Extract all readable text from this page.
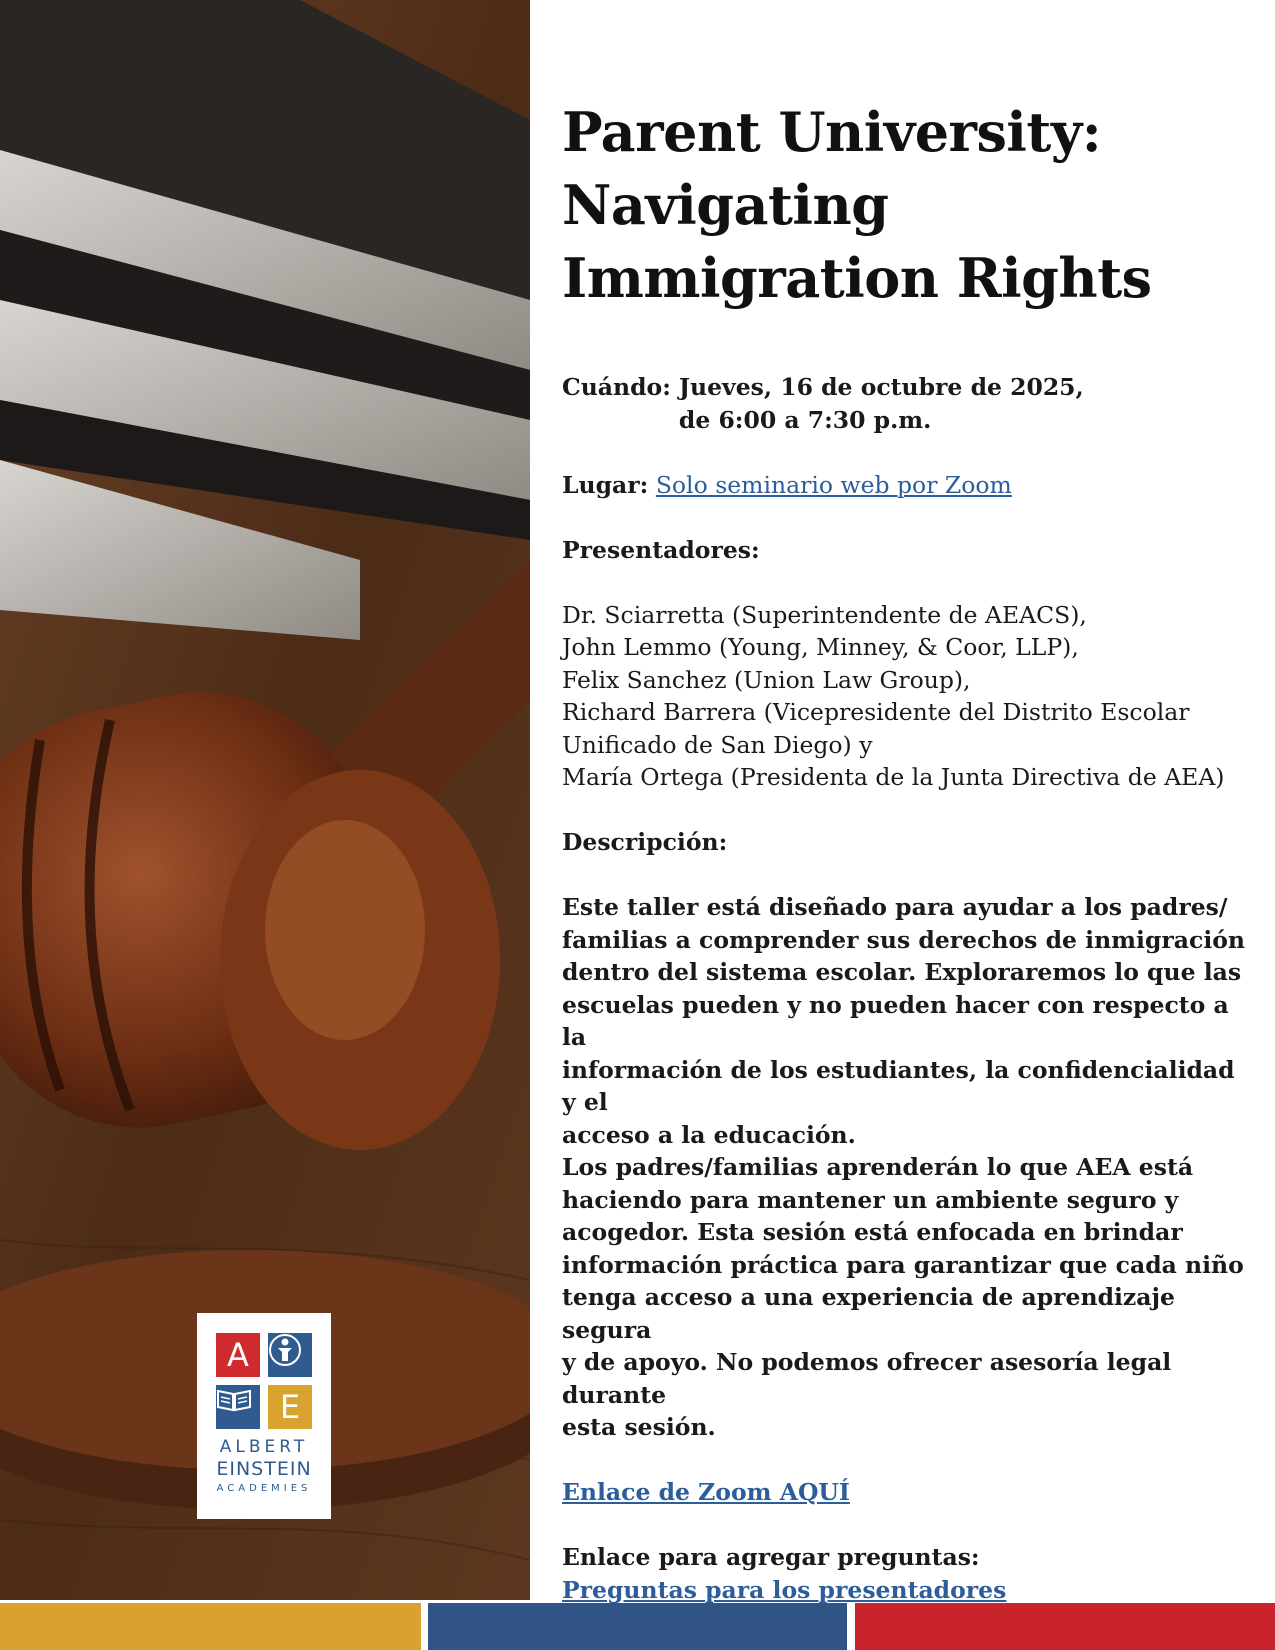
A
E
ALBERT
EINSTEIN
ACADEMIES
Parent University:
Navigating
Immigration Rights
Cuándo: Jueves, 16 de octubre de 2025,
de 6:00 a 7:30 p.m.
Lugar: Solo seminario web por Zoom
Presentadores:
Dr. Sciarretta (Superintendente de AEACS),
John Lemmo (Young, Minney, & Coor, LLP),
Felix Sanchez (Union Law Group),
Richard Barrera (Vicepresidente del Distrito Escolar
Unificado de San Diego) y
María Ortega (Presidenta de la Junta Directiva de AEA)
Descripción:
Este taller está diseñado para ayudar a los padres/
familias a comprender sus derechos de inmigración
dentro del sistema escolar. Exploraremos lo que las
escuelas pueden y no pueden hacer con respecto a la
información de los estudiantes, la confidencialidad y el
acceso a la educación.
Los padres/familias aprenderán lo que AEA está
haciendo para mantener un ambiente seguro y
acogedor. Esta sesión está enfocada en brindar
información práctica para garantizar que cada niño
tenga acceso a una experiencia de aprendizaje segura
y de apoyo. No podemos ofrecer asesoría legal durante
esta sesión.
Enlace de Zoom AQUÍ
Enlace para agregar preguntas:
Preguntas para los presentadores
